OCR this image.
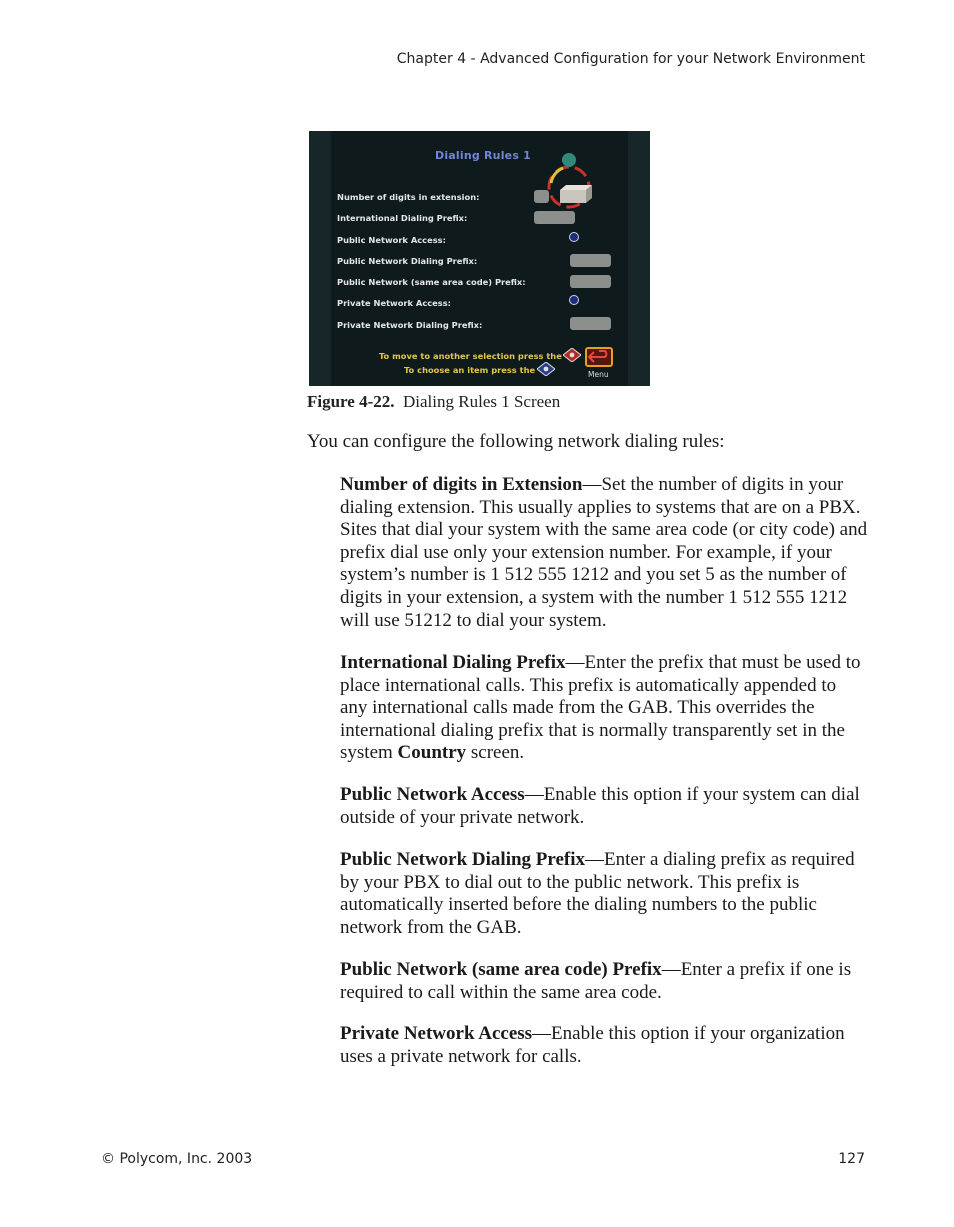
Chapter 4 - Advanced Configuration for your Network Environment
Dialing Rules 1
Number of digits in extension:
International Dialing Prefix:
Public Network Access:
Public Network Dialing Prefix:
Public Network (same area code) Prefix:
Private Network Access:
Private Network Dialing Prefix:
To move to another selection press the
To choose an item press the	Menu
Figure 4-22. Dialing Rules 1 Screen
You can configure the following network dialing rules:

Number of digits in Extension—Set the number of digits in your dialing extension. This usually applies to systems that are on a PBX. Sites that dial your system with the same area code (or city code) and prefix dial use only your extension number. For example, if your system’s number is 1 512 555 1212 and you set 5 as the number of digits in your extension, a system with the number 1 512 555 1212 will use 51212 to dial your system.

International Dialing Prefix—Enter the prefix that must be used to place international calls. This prefix is automatically appended to any international calls made from the GAB. This overrides the international dialing prefix that is normally transparently set in the system Country screen.

Public Network Access—Enable this option if your system can dial outside of your private network.

Public Network Dialing Prefix—Enter a dialing prefix as required by your PBX to dial out to the public network. This prefix is automatically inserted before the dialing numbers to the public network from the GAB.

Public Network (same area code) Prefix—Enter a prefix if one is required to call within the same area code.

Private Network Access—Enable this option if your organization uses a private network for calls.

© Polycom, Inc. 2003	127
